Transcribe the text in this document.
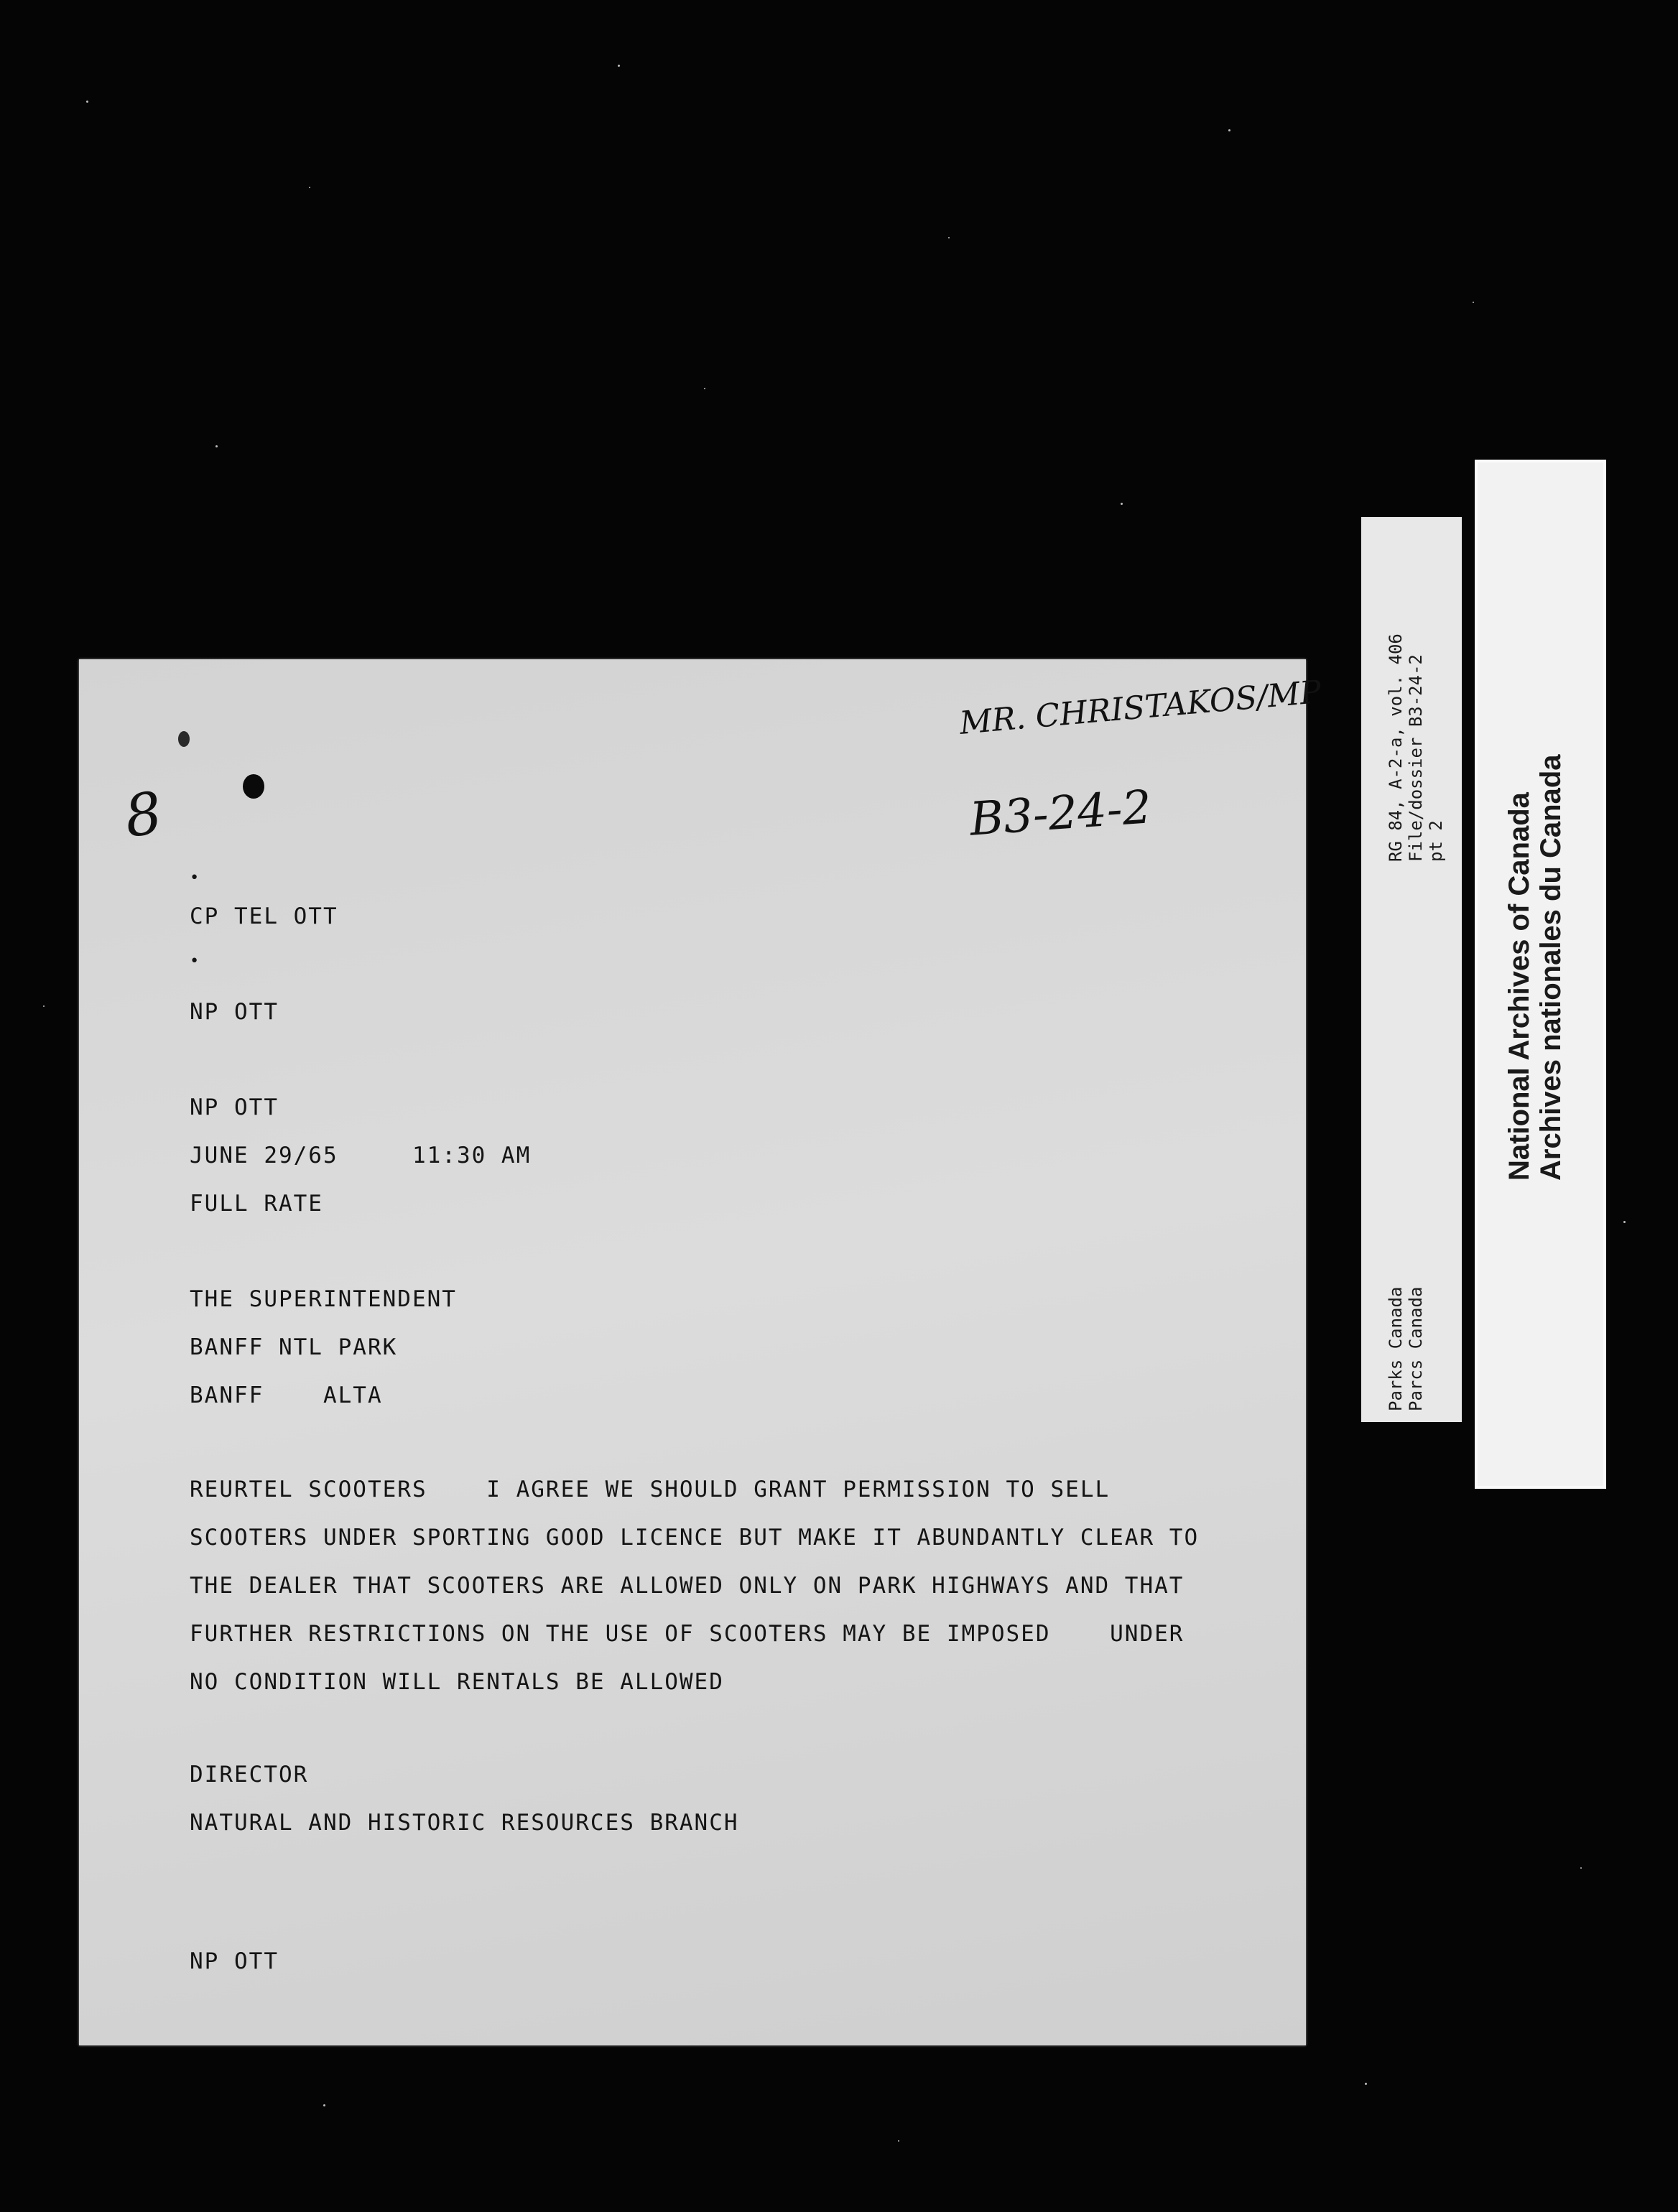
8
MR. CHRISTAKOS/MP
B3-24-2
•
CP TEL OTT
•
NP OTT
NP OTT
JUNE 29/65     11:30 AM
FULL RATE
THE SUPERINTENDENT
BANFF NTL PARK
BANFF    ALTA
REURTEL SCOOTERS    I AGREE WE SHOULD GRANT PERMISSION TO SELL
SCOOTERS UNDER SPORTING GOOD LICENCE BUT MAKE IT ABUNDANTLY CLEAR TO
THE DEALER THAT SCOOTERS ARE ALLOWED ONLY ON PARK HIGHWAYS AND THAT
FURTHER RESTRICTIONS ON THE USE OF SCOOTERS MAY BE IMPOSED    UNDER
NO CONDITION WILL RENTALS BE ALLOWED
DIRECTOR
NATURAL AND HISTORIC RESOURCES BRANCH
NP OTT
RG 84, A-2-a, vol. 406 File/dossier B3-24-2 pt 2
Parks Canada Parcs Canada
National Archives of Canada Archives nationales du Canada
